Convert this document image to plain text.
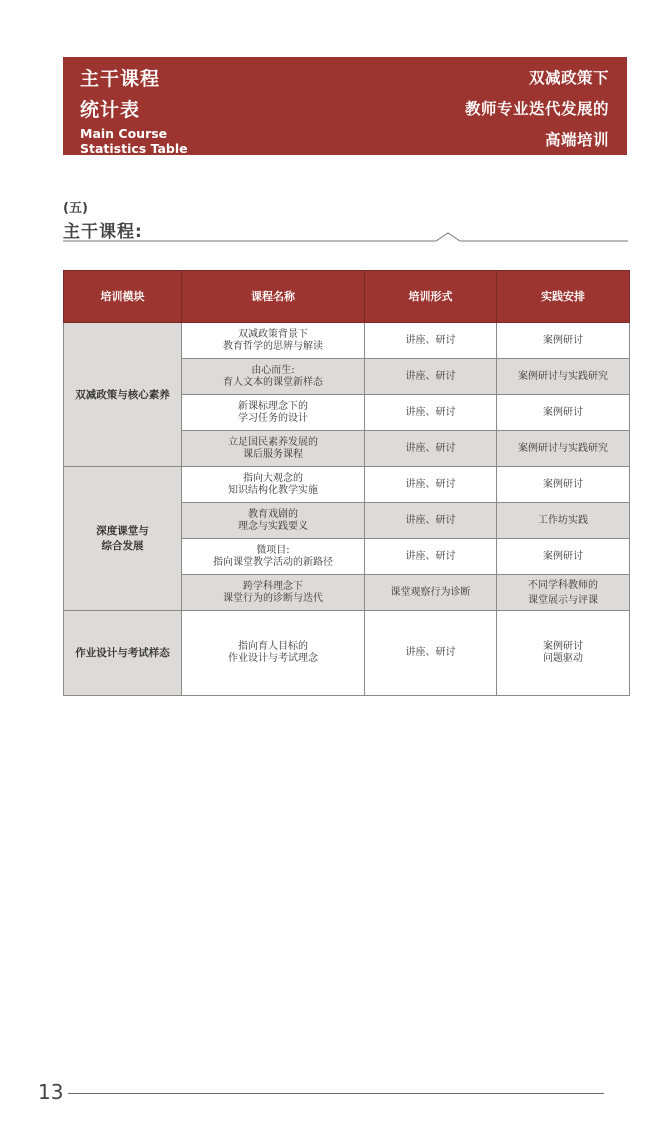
主干课程
统计表
Main Course
Statistics Table
双减政策下
教师专业迭代发展的
高端培训
(五)
主干课程:
培训模块	课程名称	培训形式	实践安排
双减政策与核心素养	双减政策背景下
教育哲学的思辨与解读	讲座、研讨	案例研讨
	由心而生:
育人文本的课堂新样态	讲座、研讨	案例研讨与实践研究
	新课标理念下的
学习任务的设计	讲座、研讨	案例研讨
	立足国民素养发展的
课后服务课程	讲座、研讨	案例研讨与实践研究
深度课堂与
综合发展	指向大观念的
知识结构化教学实施	讲座、研讨	案例研讨
	教育戏剧的
理念与实践要义	讲座、研讨	工作坊实践
	微项目:
指向课堂教学活动的新路径	讲座、研讨	案例研讨
	跨学科理念下
课堂行为的诊断与迭代	课堂观察行为诊断	不同学科教师的
课堂展示与评课
作业设计与考试样态	指向育人目标的
作业设计与考试理念	讲座、研讨	案例研讨
问题驱动
13
